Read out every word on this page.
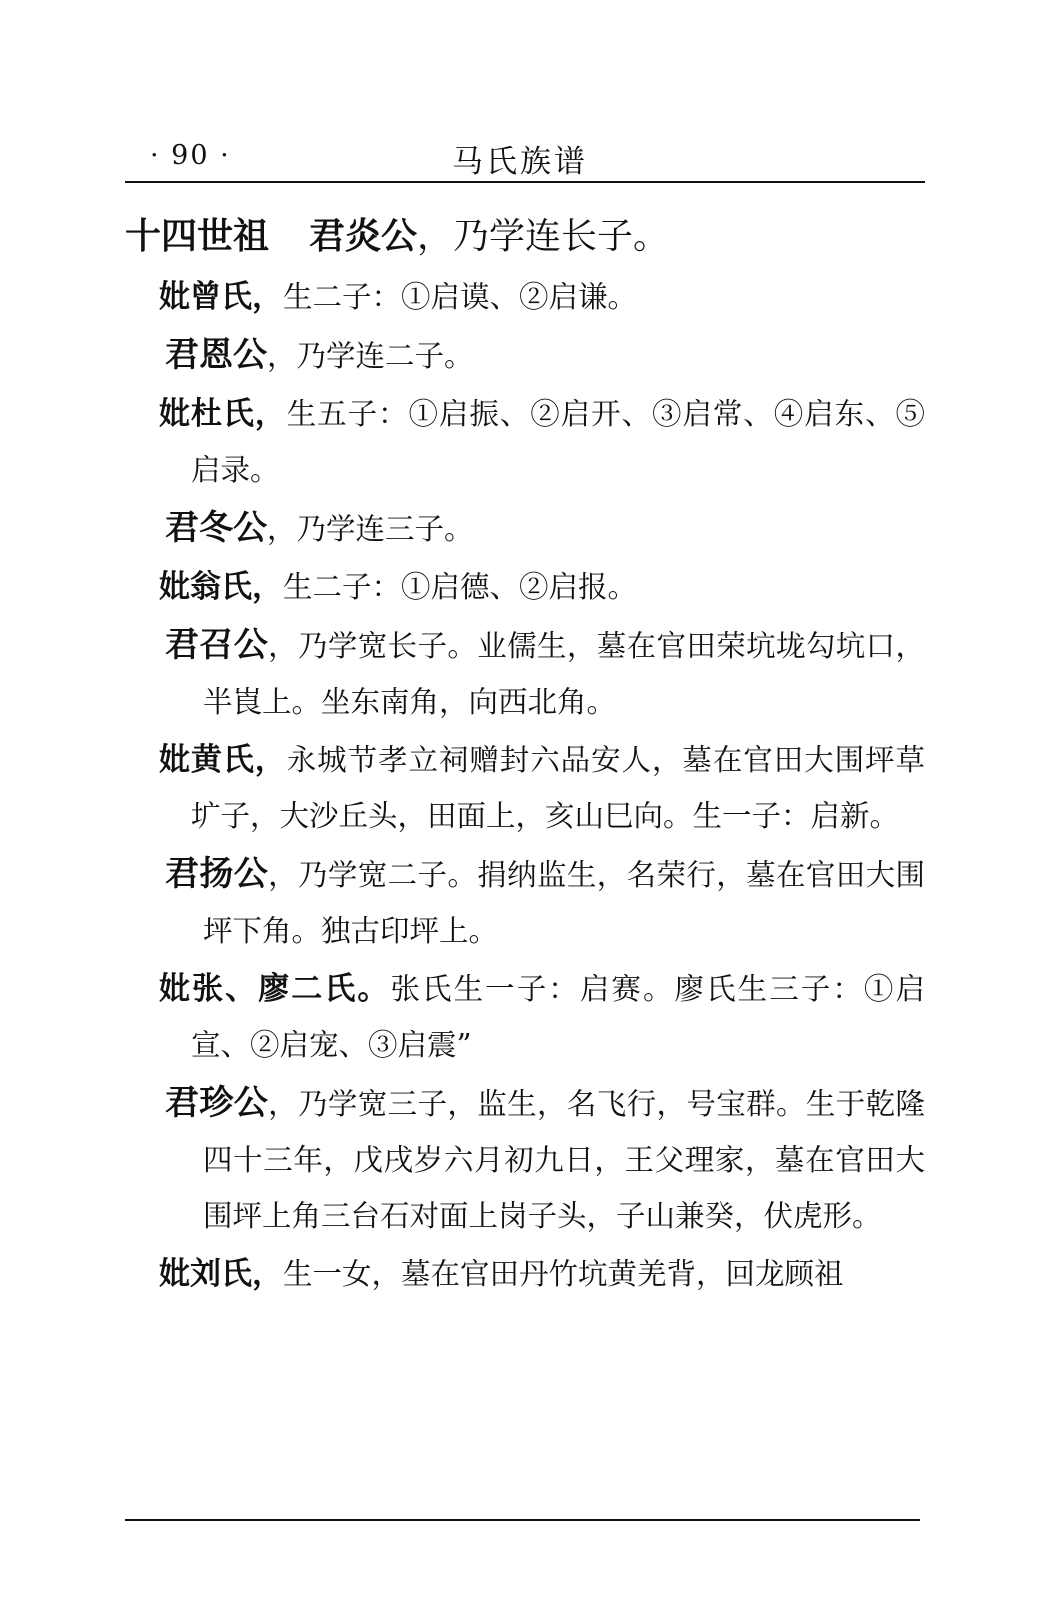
· 90 ·	马氏族谱
十四世祖 君炎公，乃学连长子。

妣曾氏，生二子：①启谟、②启谦。

君恩公，乃学连二子。

妣杜氏，生五子：①启振、②启开、③启常、④启东、⑤启录。

君冬公，乃学连三子。

妣翁氏，生二子：①启德、②启报。

君召公，乃学宽长子。业儒生，墓在官田荣坑垅勾坑口，半崀上。坐东南角，向西北角。

妣黄氏，永城节孝立祠赠封六品安人，墓在官田大围坪草圹子，大沙丘头，田面上，亥山巳向。生一子：启新。

君扬公，乃学宽二子。捐纳监生，名荣行，墓在官田大围坪下角。独古印坪上。

妣张、廖二氏。张氏生一子：启赛。廖氏生三子：①启宣、②启宠、③启震”

君珍公，乃学宽三子，监生，名飞行，号宝群。生于乾隆四十三年，戊戌岁六月初九日，王父理家，墓在官田大围坪上角三台石对面上岗子头，子山兼癸，伏虎形。

妣刘氏，生一女，墓在官田丹竹坑黄羌背，回龙顾祖
